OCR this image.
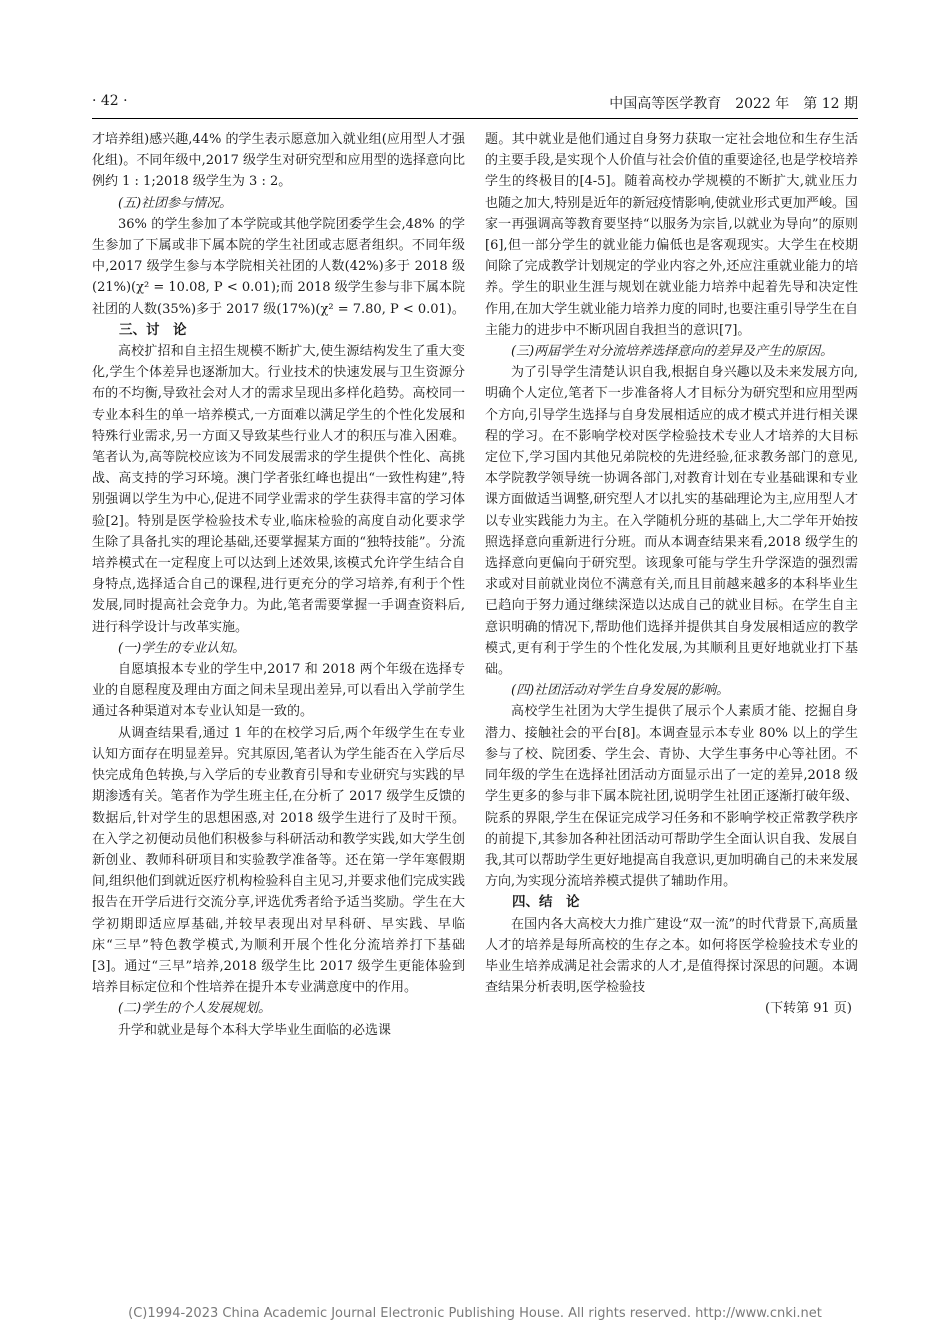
· 42 ·	中国高等医学教育　2022 年　第 12 期

才培养组)感兴趣,44% 的学生表示愿意加入就业组(应用型人才强化组)。不同年级中,2017 级学生对研究型和应用型的选择意向比例约 1 : 1;2018 级学生为 3 : 2。

(五)社团参与情况。

36% 的学生参加了本学院或其他学院团委学生会,48% 的学生参加了下属或非下属本院的学生社团或志愿者组织。不同年级中,2017 级学生参与本学院相关社团的人数(42%)多于 2018 级(21%)(χ² = 10.08, P < 0.01);而 2018 级学生参与非下属本院社团的人数(35%)多于 2017 级(17%)(χ² = 7.80, P < 0.01)。

三、讨　论

高校扩招和自主招生规模不断扩大,使生源结构发生了重大变化,学生个体差异也逐渐加大。行业技术的快速发展与卫生资源分布的不均衡,导致社会对人才的需求呈现出多样化趋势。高校同一专业本科生的单一培养模式,一方面难以满足学生的个性化发展和特殊行业需求,另一方面又导致某些行业人才的积压与准入困难。笔者认为,高等院校应该为不同发展需求的学生提供个性化、高挑战、高支持的学习环境。澳门学者张红峰也提出“一致性构建”,特别强调以学生为中心,促进不同学业需求的学生获得丰富的学习体验[2]。特别是医学检验技术专业,临床检验的高度自动化要求学生除了具备扎实的理论基础,还要掌握某方面的“独特技能”。分流培养模式在一定程度上可以达到上述效果,该模式允许学生结合自身特点,选择适合自己的课程,进行更充分的学习培养,有利于个性发展,同时提高社会竞争力。为此,笔者需要掌握一手调查资料后,进行科学设计与改革实施。

(一)学生的专业认知。

自愿填报本专业的学生中,2017 和 2018 两个年级在选择专业的自愿程度及理由方面之间未呈现出差异,可以看出入学前学生通过各种渠道对本专业认知是一致的。

从调查结果看,通过 1 年的在校学习后,两个年级学生在专业认知方面存在明显差异。究其原因,笔者认为学生能否在入学后尽快完成角色转换,与入学后的专业教育引导和专业研究与实践的早期渗透有关。笔者作为学生班主任,在分析了 2017 级学生反馈的数据后,针对学生的思想困惑,对 2018 级学生进行了及时干预。在入学之初便动员他们积极参与科研活动和教学实践,如大学生创新创业、教师科研项目和实验教学准备等。还在第一学年寒假期间,组织他们到就近医疗机构检验科自主见习,并要求他们完成实践报告在开学后进行交流分享,评选优秀者给予适当奖励。学生在大学初期即适应厚基础,并较早表现出对早科研、早实践、早临床“三早”特色教学模式,为顺利开展个性化分流培养打下基础[3]。通过“三早”培养,2018 级学生比 2017 级学生更能体验到培养目标定位和个性培养在提升本专业满意度中的作用。

(二)学生的个人发展规划。

升学和就业是每个本科大学毕业生面临的必选课

题。其中就业是他们通过自身努力获取一定社会地位和生存生活的主要手段,是实现个人价值与社会价值的重要途径,也是学校培养学生的终极目的[4-5]。随着高校办学规模的不断扩大,就业压力也随之加大,特别是近年的新冠疫情影响,使就业形式更加严峻。国家一再强调高等教育要坚持“以服务为宗旨,以就业为导向”的原则[6],但一部分学生的就业能力偏低也是客观现实。大学生在校期间除了完成教学计划规定的学业内容之外,还应注重就业能力的培养。学生的职业生涯与规划在就业能力培养中起着先导和决定性作用,在加大学生就业能力培养力度的同时,也要注重引导学生在自主能力的进步中不断巩固自我担当的意识[7]。

(三)两届学生对分流培养选择意向的差异及产生的原因。

为了引导学生清楚认识自我,根据自身兴趣以及未来发展方向,明确个人定位,笔者下一步准备将人才目标分为研究型和应用型两个方向,引导学生选择与自身发展相适应的成才模式并进行相关课程的学习。在不影响学校对医学检验技术专业人才培养的大目标定位下,学习国内其他兄弟院校的先进经验,征求教务部门的意见,本学院教学领导统一协调各部门,对教育计划在专业基础课和专业课方面做适当调整,研究型人才以扎实的基础理论为主,应用型人才以专业实践能力为主。在入学随机分班的基础上,大二学年开始按照选择意向重新进行分班。而从本调查结果来看,2018 级学生的选择意向更偏向于研究型。该现象可能与学生升学深造的强烈需求或对目前就业岗位不满意有关,而且目前越来越多的本科毕业生已趋向于努力通过继续深造以达成自己的就业目标。在学生自主意识明确的情况下,帮助他们选择并提供其自身发展相适应的教学模式,更有利于学生的个性化发展,为其顺利且更好地就业打下基础。

(四)社团活动对学生自身发展的影响。

高校学生社团为大学生提供了展示个人素质才能、挖掘自身潜力、接触社会的平台[8]。本调查显示本专业 80% 以上的学生参与了校、院团委、学生会、青协、大学生事务中心等社团。不同年级的学生在选择社团活动方面显示出了一定的差异,2018 级学生更多的参与非下属本院社团,说明学生社团正逐渐打破年级、院系的界限,学生在保证完成学习任务和不影响学校正常教学秩序的前提下,其参加各种社团活动可帮助学生全面认识自我、发展自我,其可以帮助学生更好地提高自我意识,更加明确自己的未来发展方向,为实现分流培养模式提供了辅助作用。

四、结　论

在国内各大高校大力推广建设“双一流”的时代背景下,高质量人才的培养是每所高校的生存之本。如何将医学检验技术专业的毕业生培养成满足社会需求的人才,是值得探讨深思的问题。本调查结果分析表明,医学检验技

(下转第 91 页)

(C)1994-2023 China Academic Journal Electronic Publishing House. All rights reserved. http://www.cnki.net
